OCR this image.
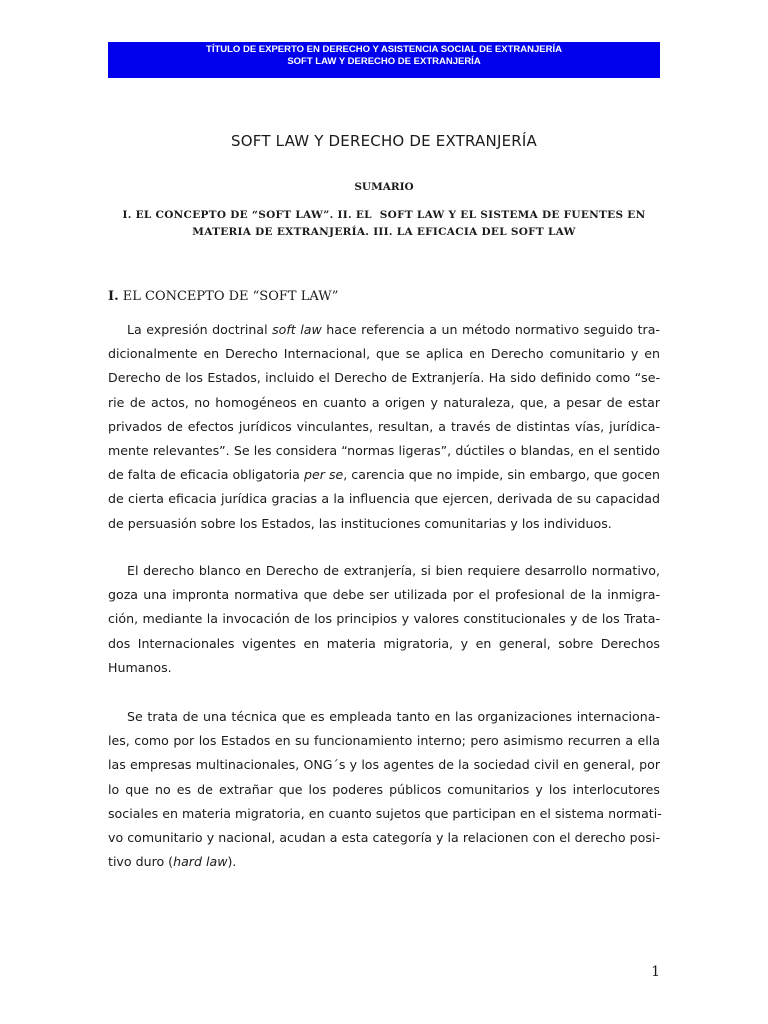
TÍTULO DE EXPERTO EN DERECHO Y ASISTENCIA SOCIAL DE EXTRANJERÍA
SOFT LAW Y DERECHO DE EXTRANJERÍA
SOFT LAW Y DERECHO DE EXTRANJERÍA
SUMARIO
I. EL CONCEPTO DE “SOFT LAW”. II. EL  SOFT LAW Y EL SISTEMA DE FUENTES EN
MATERIA DE EXTRANJERÍA. III. LA EFICACIA DEL SOFT LAW
I. EL CONCEPTO DE “SOFT LAW”
La expresión doctrinal soft law hace referencia a un método normativo seguido tra-
dicionalmente en Derecho Internacional, que se aplica en Derecho comunitario y en
Derecho de los Estados, incluido el Derecho de Extranjería. Ha sido definido como “se-
rie de actos, no homogéneos en cuanto a origen y naturaleza, que, a pesar de estar
privados de efectos jurídicos vinculantes, resultan, a través de distintas vías, jurídica-
mente relevantes”. Se les considera “normas ligeras”, dúctiles o blandas, en el sentido
de falta de eficacia obligatoria per se, carencia que no impide, sin embargo, que gocen
de cierta eficacia jurídica gracias a la influencia que ejercen, derivada de su capacidad
de persuasión sobre los Estados, las instituciones comunitarias y los individuos.
El derecho blanco en Derecho de extranjería, si bien requiere desarrollo normativo,
goza una impronta normativa que debe ser utilizada por el profesional de la inmigra-
ción, mediante la invocación de los principios y valores constitucionales y de los Trata-
dos Internacionales vigentes en materia migratoria, y en general, sobre Derechos
Humanos.
Se trata de una técnica que es empleada tanto en las organizaciones internaciona-
les, como por los Estados en su funcionamiento interno; pero asimismo recurren a ella
las empresas multinacionales, ONG´s y los agentes de la sociedad civil en general, por
lo que no es de extrañar que los poderes públicos comunitarios y los interlocutores
sociales en materia migratoria, en cuanto sujetos que participan en el sistema normati-
vo comunitario y nacional, acudan a esta categoría y la relacionen con el derecho posi-
tivo duro (hard law).
1
